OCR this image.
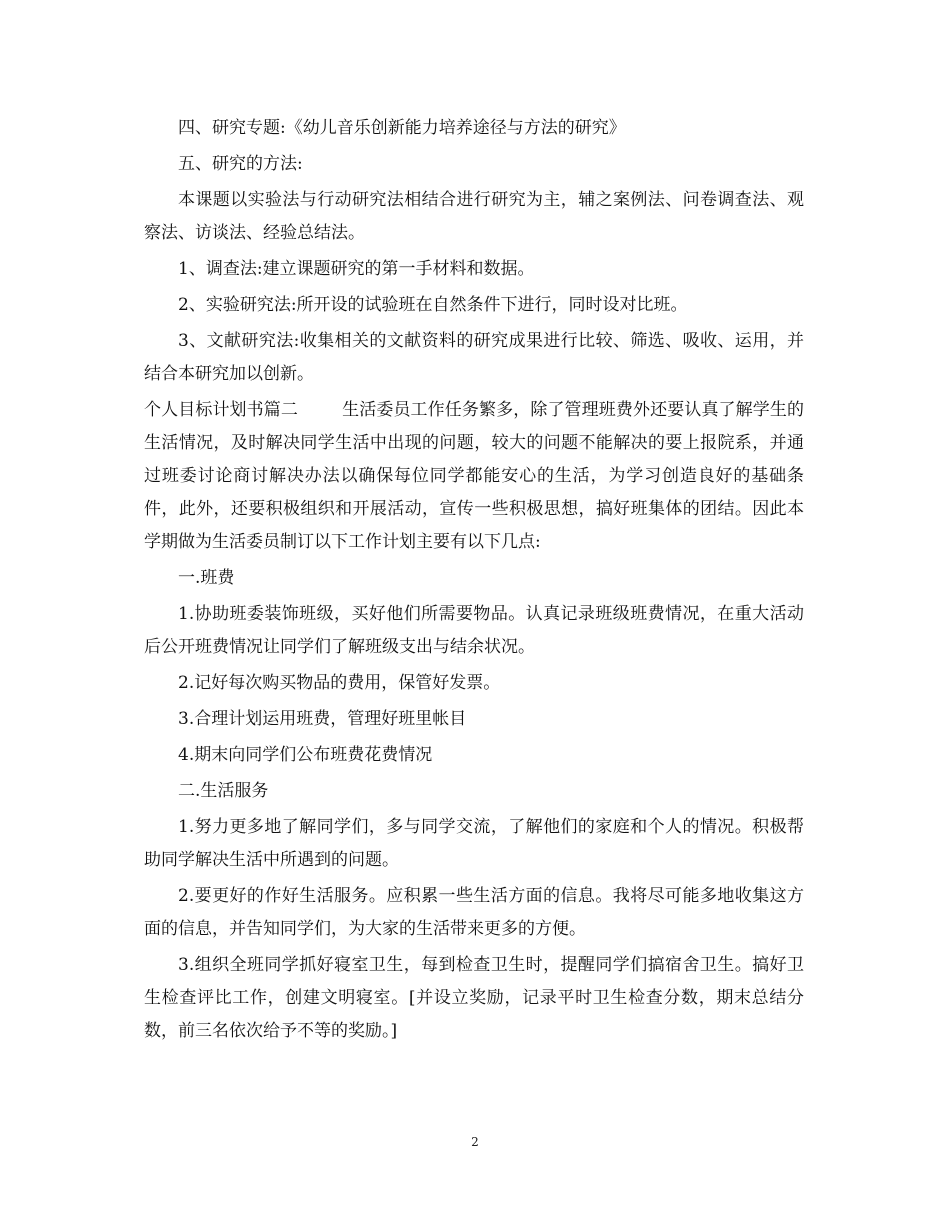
四、研究专题:《幼儿音乐创新能力培养途径与方法的研究》

五、研究的方法:

本课题以实验法与行动研究法相结合进行研究为主，辅之案例法、问卷调查法、观察法、访谈法、经验总结法。

1、调查法:建立课题研究的第一手材料和数据。

2、实验研究法:所开设的试验班在自然条件下进行，同时设对比班。

3、文献研究法:收集相关的文献资料的研究成果进行比较、筛选、吸收、运用，并结合本研究加以创新。

个人目标计划书篇二	生活委员工作任务繁多，除了管理班费外还要认真了解学生的生活情况，及时解决同学生活中出现的问题，较大的问题不能解决的要上报院系，并通过班委讨论商讨解决办法以确保每位同学都能安心的生活，为学习创造良好的基础条件，此外，还要积极组织和开展活动，宣传一些积极思想，搞好班集体的团结。因此本学期做为生活委员制订以下工作计划主要有以下几点:

一.班费

1.协助班委装饰班级，买好他们所需要物品。认真记录班级班费情况，在重大活动后公开班费情况让同学们了解班级支出与结余状况。

2.记好每次购买物品的费用，保管好发票。

3.合理计划运用班费，管理好班里帐目

4.期末向同学们公布班费花费情况

二.生活服务

1.努力更多地了解同学们，多与同学交流，了解他们的家庭和个人的情况。积极帮助同学解决生活中所遇到的问题。

2.要更好的作好生活服务。应积累一些生活方面的信息。我将尽可能多地收集这方面的信息，并告知同学们，为大家的生活带来更多的方便。

3.组织全班同学抓好寝室卫生，每到检查卫生时，提醒同学们搞宿舍卫生。搞好卫生检查评比工作，创建文明寝室。[并设立奖励，记录平时卫生检查分数，期末总结分数，前三名依次给予不等的奖励。]

2
